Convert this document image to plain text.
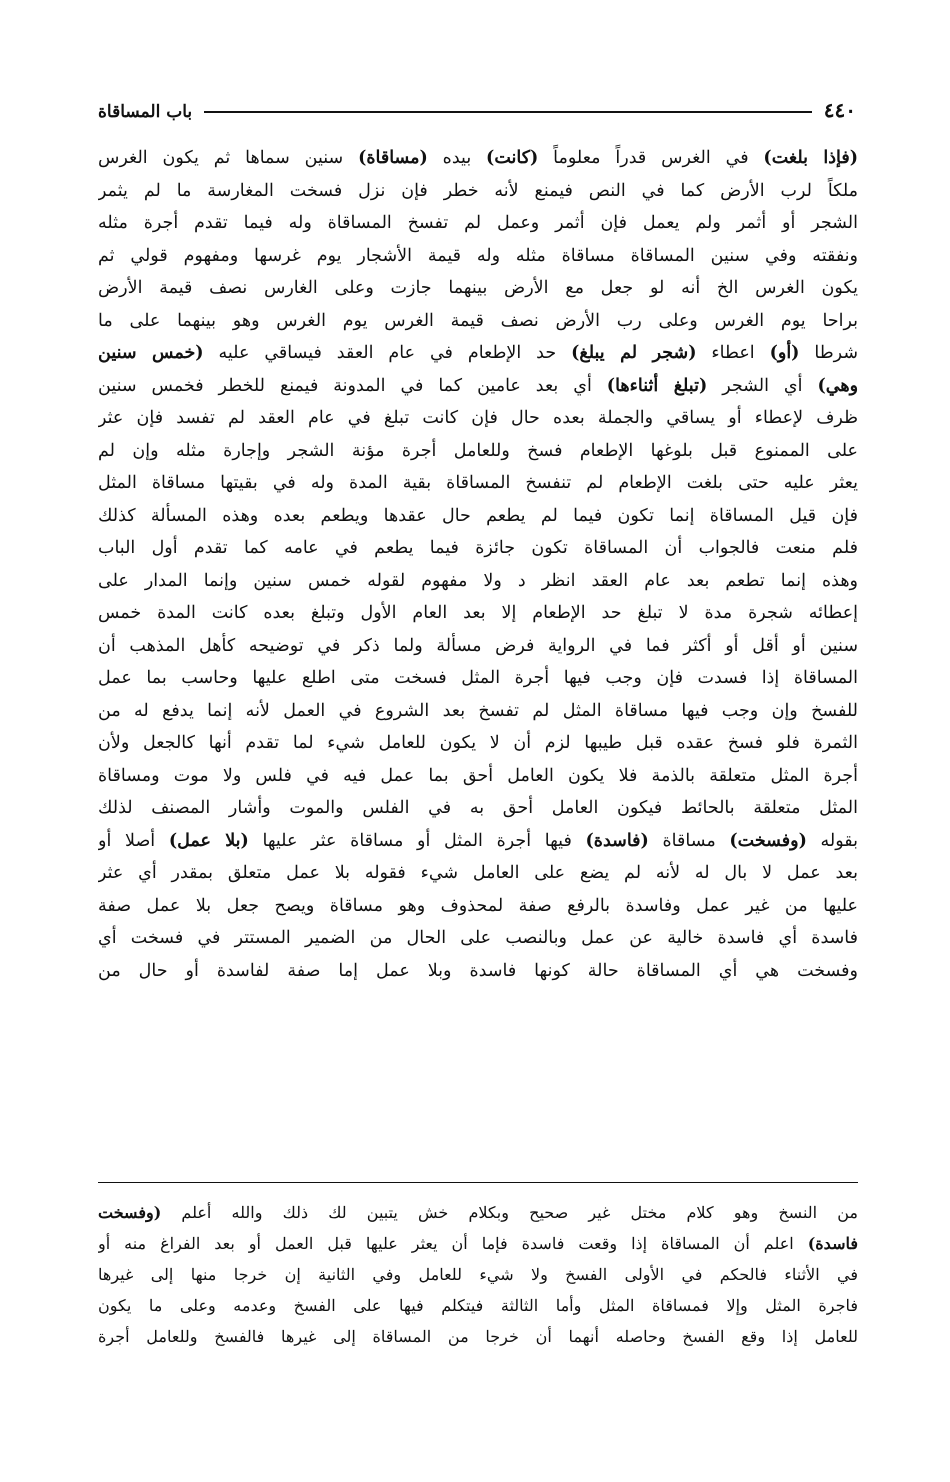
باب المساقاة	٤٤٠
(فإذا بلغت) في الغرس قدراً معلوماً (كانت) بيده (مساقاة) سنين سماها ثم يكون الغرس
ملكاً لرب الأرض كما في النص فيمنع لأنه خطر فإن نزل فسخت المغارسة ما لم يثمر
الشجر أو أثمر ولم يعمل فإن أثمر وعمل لم تفسخ المساقاة وله فيما تقدم أجرة مثله
ونفقته وفي سنين المساقاة مساقاة مثله وله قيمة الأشجار يوم غرسها ومفهوم قولي ثم
يكون الغرس الخ أنه لو جعل مع الأرض بينهما جازت وعلى الغارس نصف قيمة الأرض
براحا يوم الغرس وعلى رب الأرض نصف قيمة الغرس يوم الغرس وهو بينهما على ما
شرطا (أو) اعطاء (شجر لم يبلغ) حد الإطعام في عام العقد فيساقي عليه (خمس سنين
وهي) أي الشجر (تبلغ أثناءها) أي بعد عامين كما في المدونة فيمنع للخطر فخمس سنين
ظرف لإعطاء أو يساقي والجملة بعده حال فإن كانت تبلغ في عام العقد لم تفسد فإن عثر
على الممنوع قبل بلوغها الإطعام فسخ وللعامل أجرة مؤنة الشجر وإجارة مثله وإن لم
يعثر عليه حتى بلغت الإطعام لم تنفسخ المساقاة بقية المدة وله في بقيتها مساقاة المثل
فإن قيل المساقاة إنما تكون فيما لم يطعم حال عقدها ويطعم بعده وهذه المسألة كذلك
فلم منعت فالجواب أن المساقاة تكون جائزة فيما يطعم في عامه كما تقدم أول الباب
وهذه إنما تطعم بعد عام العقد انظر د ولا مفهوم لقوله خمس سنين وإنما المدار على
إعطائه شجرة مدة لا تبلغ حد الإطعام إلا بعد العام الأول وتبلغ بعده كانت المدة خمس
سنين أو أقل أو أكثر فما في الرواية فرض مسألة ولما ذكر في توضيحه كأهل المذهب أن
المساقاة إذا فسدت فإن وجب فيها أجرة المثل فسخت متى اطلع عليها وحاسب بما عمل
للفسخ وإن وجب فيها مساقاة المثل لم تفسخ بعد الشروع في العمل لأنه إنما يدفع له من
الثمرة فلو فسخ عقده قبل طيبها لزم أن لا يكون للعامل شيء لما تقدم أنها كالجعل ولأن
أجرة المثل متعلقة بالذمة فلا يكون العامل أحق بما عمل فيه في فلس ولا موت ومساقاة
المثل متعلقة بالحائط فيكون العامل أحق به في الفلس والموت وأشار المصنف لذلك
بقوله (وفسخت) مساقاة (فاسدة) فيها أجرة المثل أو مساقاة عثر عليها (بلا عمل) أصلا أو
بعد عمل لا بال له لأنه لم يضع على العامل شيء فقوله بلا عمل متعلق بمقدر أي عثر
عليها من غير عمل وفاسدة بالرفع صفة لمحذوف وهو مساقاة ويصح جعل بلا عمل صفة
فاسدة أي فاسدة خالية عن عمل وبالنصب على الحال من الضمير المستتر في فسخت أي
وفسخت هي أي المساقاة حالة كونها فاسدة وبلا عمل إما صفة لفاسدة أو حال من
من النسخ وهو كلام مختل غير صحيح وبكلام خش يتبين لك ذلك والله أعلم (وفسخت
فاسدة) اعلم أن المساقاة إذا وقعت فاسدة فإما أن يعثر عليها قبل العمل أو بعد الفراغ منه أو
في الأثناء فالحكم في الأولى الفسخ ولا شيء للعامل وفي الثانية إن خرجا منها إلى غيرها
فاجرة المثل وإلا فمساقاة المثل وأما الثالثة فيتكلم فيها على الفسخ وعدمه وعلى ما يكون
للعامل إذا وقع الفسخ وحاصله أنهما أن خرجا من المساقاة إلى غيرها فالفسخ وللعامل أجرة
